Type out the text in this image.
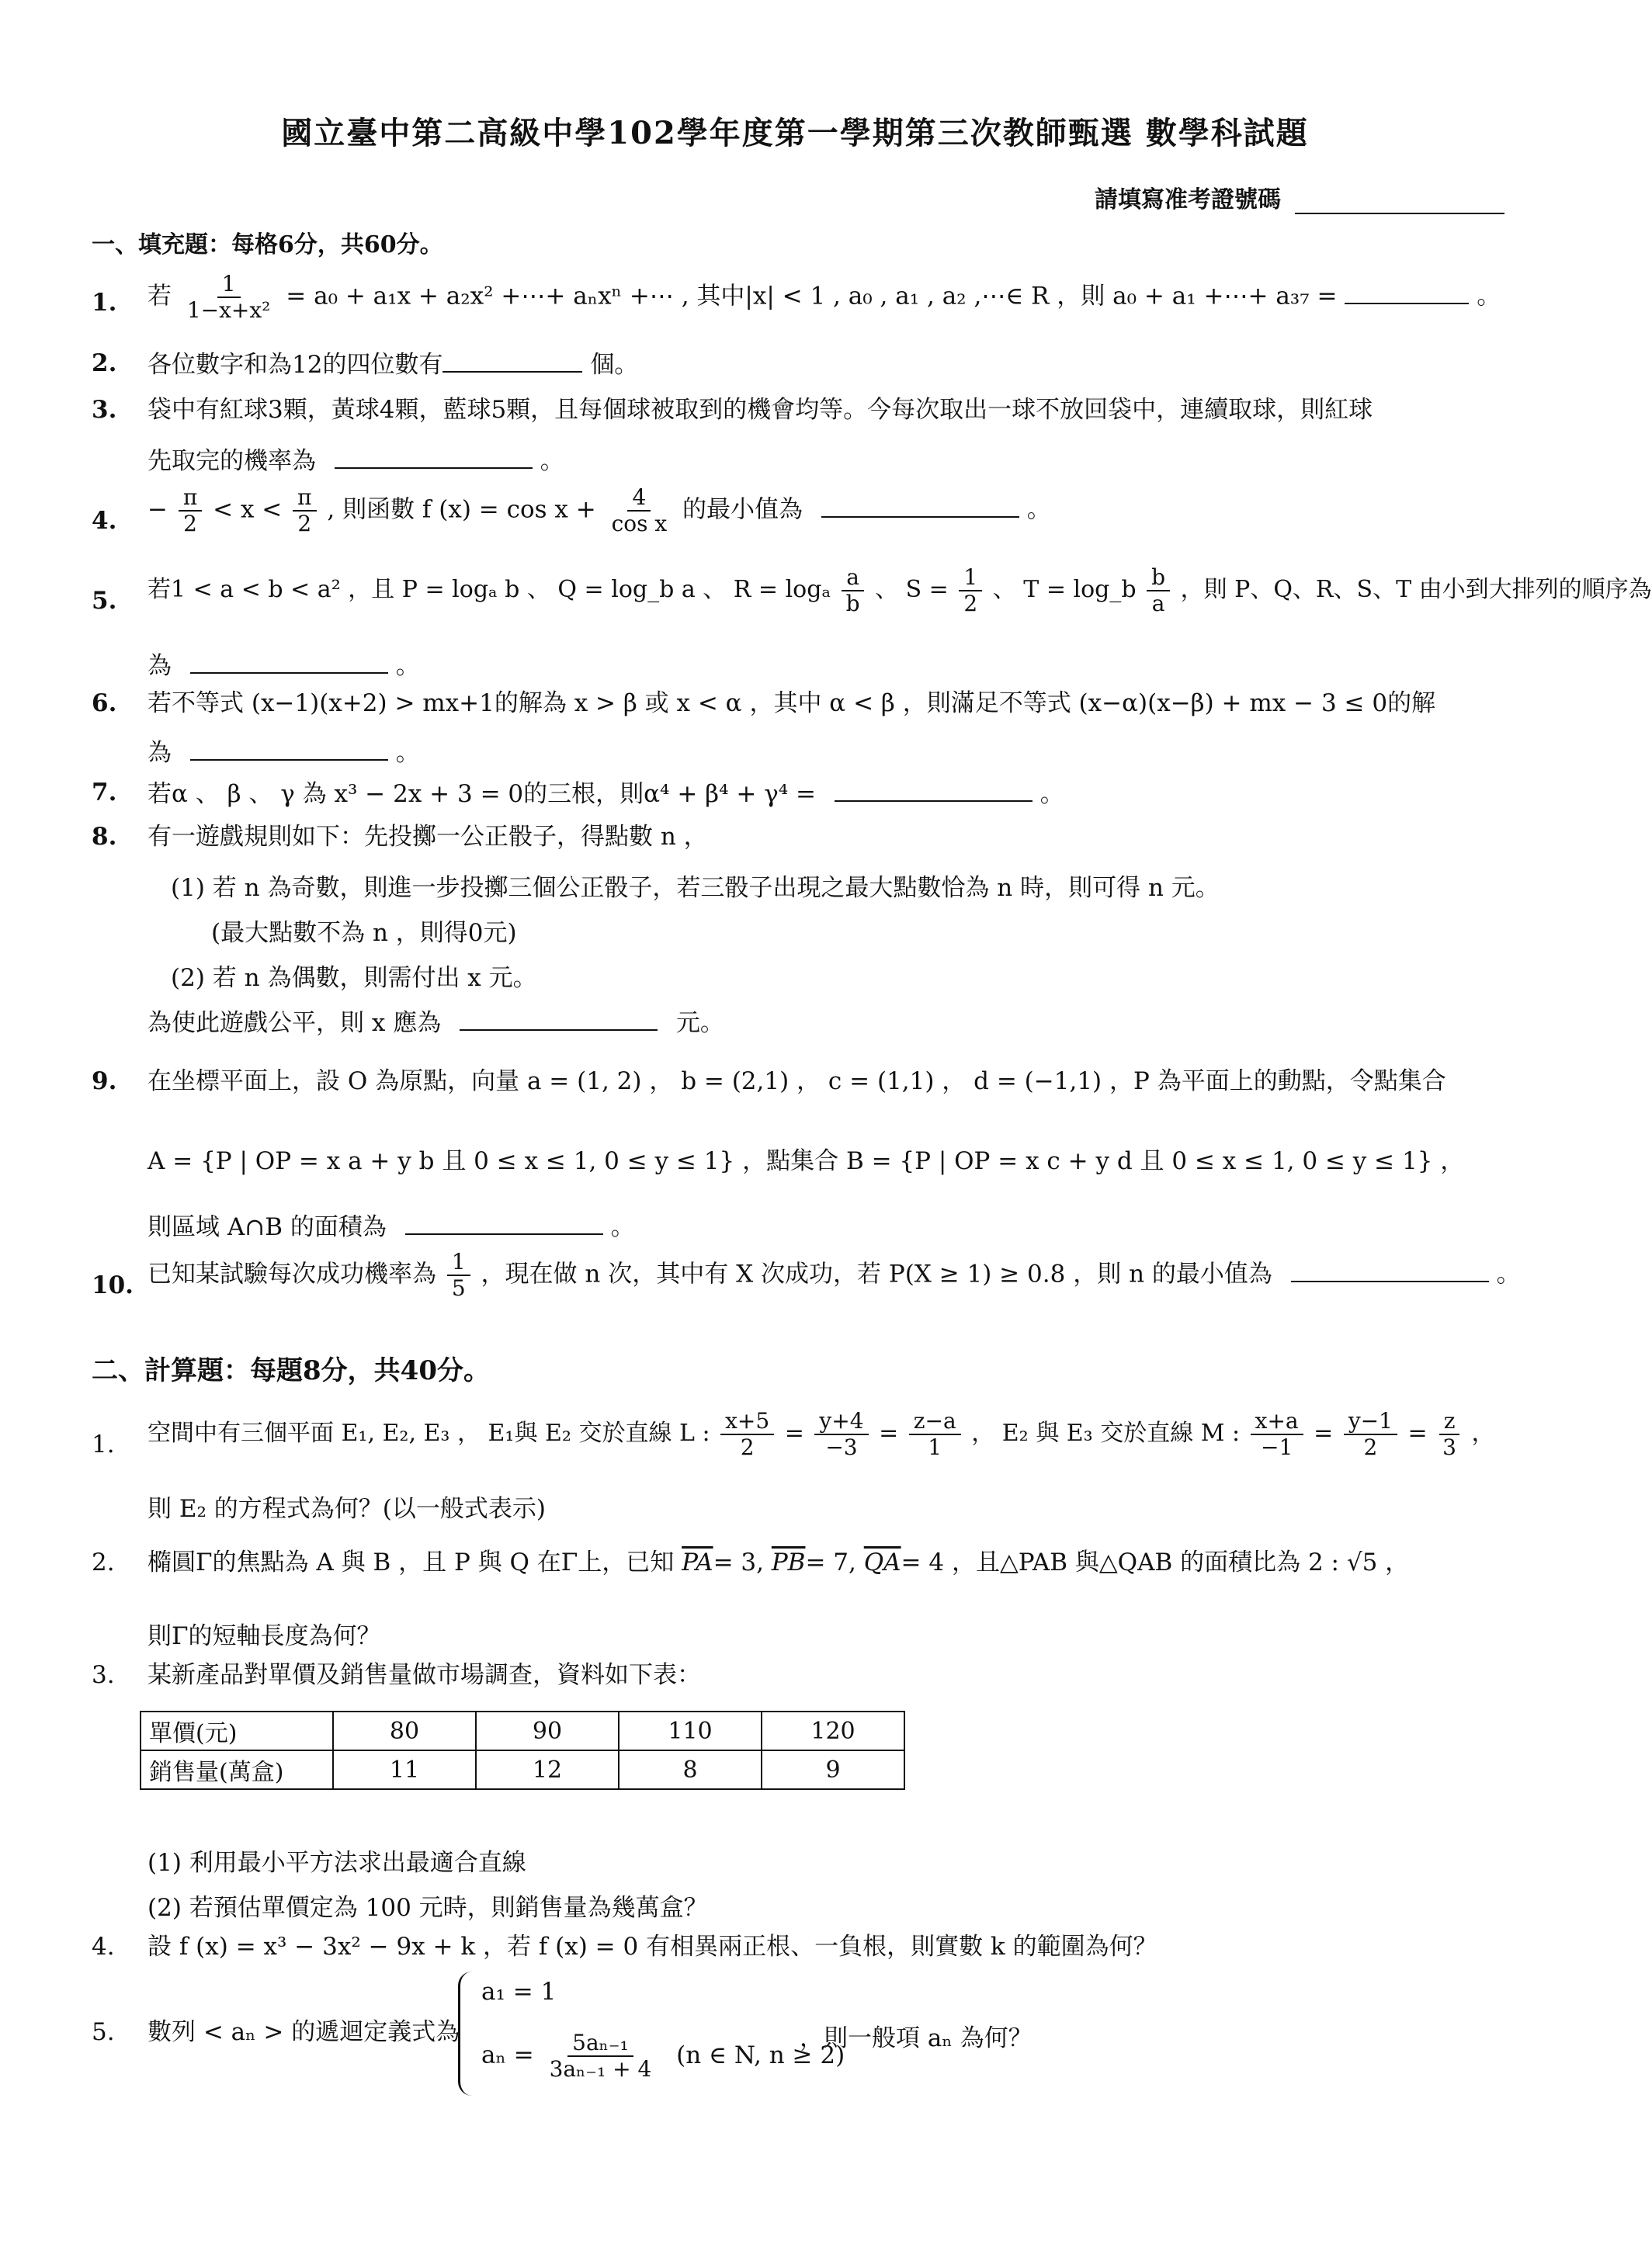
國立臺中第二高級中學102學年度第一學期第三次教師甄選 數學科試題
請填寫准考證號碼
一、填充題：每格6分，共60分。
1. 若 $\frac{1}{\text{1−x+x²}} = a_0 + a_1x + a_2x^2$ +⋯+ aₙxⁿ +⋯ , 其中|x| < 1 , a₀ , a₁ , a₂ ,⋯∈ R ，則 a₀ + a₁ +⋯+ a₃₇ =	。
2. 各位數字和為12的四位數有	個。
3. 袋中有紅球3顆，黃球4顆，藍球5顆，且每個球被取到的機會均等。今每次取出一球不放回袋中，連續取球，則紅球
先取完的機率為	。
4. − $\frac{\pi}{2} < x < \frac{\pi}{2}$ , 則函數 f $(x) = \cos x + \frac{4}{\text{cos x}}$ 的最小值為	。
5. 若1 < a < b < a² ，且 P = logₐ b 、 Q = log_b a 、 R = logₐ $\frac{a}{b}$ 、 $S = \frac{1}{2}$ 、 T = log_b $\frac{b}{a}$ ，則 P、Q、R、S、T 由小到大排列的順序為
為	。
6. 若不等式 (x−1)(x+2) > mx+1的解為 x > β 或 x < α ，其中 α < β ，則滿足不等式 (x−α)(x−β) + mx − 3 ≤ 0的解
為	。
7. 若α 、 β 、 γ 為 x³ − 2x + 3 = 0的三根，則α⁴ + β⁴ + γ⁴ =	。
8. 有一遊戲規則如下：先投擲一公正骰子，得點數 n ，
(1) 若 n 為奇數，則進一步投擲三個公正骰子，若三骰子出現之最大點數恰為 n 時，則可得 n 元。
(最大點數不為 n ，則得0元)
(2) 若 n 為偶數，則需付出 x 元。
為使此遊戲公平，則 x 應為	元。
9. 在坐標平面上，設 O 為原點，向量 a = (1, 2) ， b = (2,1) ， c = (1,1) ， d = (−1,1) ，P 為平面上的動點，令點集合
A = {P | OP = x a + y b 且 0 ≤ x ≤ 1, 0 ≤ y ≤ 1} ，點集合 B = {P | OP = x c + y d 且 0 ≤ x ≤ 1, 0 ≤ y ≤ 1} ，
則區域 A∩B 的面積為	。
10. 已知某試驗每次成功機率為 $\frac{1}{5}$ ，現在做 n 次，其中有 X 次成功，若 P(X ≥ 1) ≥ 0.8 ，則 n 的最小值為	。
二、計算題：每題8分，共40分。
1. 空間中有三個平面 E₁, E₂, E₃ ， E₁與 E₂ 交於直線 L : $\frac{x+5}{2} = \frac{y+4}{-3} = \frac{z-a}{1}$ ， E₂ 與 E₃ 交於直線 M : $\frac{x+a}{-1} = \frac{y-1}{2} = \frac{z}{3}$ ，
則 E₂ 的方程式為何？(以一般式表示)
2. 橢圓Γ的焦點為 A 與 B ，且 P 與 Q 在Γ上，已知 $\overline{PA}= 3$, $\overline{PB}= 7$, $\overline{QA}= 4$ ，且△PAB 與△QAB 的面積比為 2 : √5 ，
則Γ的短軸長度為何？
3. 某新產品對單價及銷售量做市場調查，資料如下表：
單價(元)	80	90	110	120
銷售量(萬盒)	11	12	8	9
(1) 利用最小平方法求出最適合直線
(2) 若預估單價定為 100 元時，則銷售量為幾萬盒？
4. 設 f (x) = x³ − 3x² − 9x + k ，若 f (x) = 0 有相異兩正根、一負根，則實數 k 的範圍為何？
5. 數列 < aₙ > 的遞迴定義式為
a₁ = 1
$a_n = \frac{\text{5aₙ₋₁}}{\text{3aₙ₋₁ + 4}} (n$ ∈ N, n ≥ 2)
，則一般項 aₙ 為何？
